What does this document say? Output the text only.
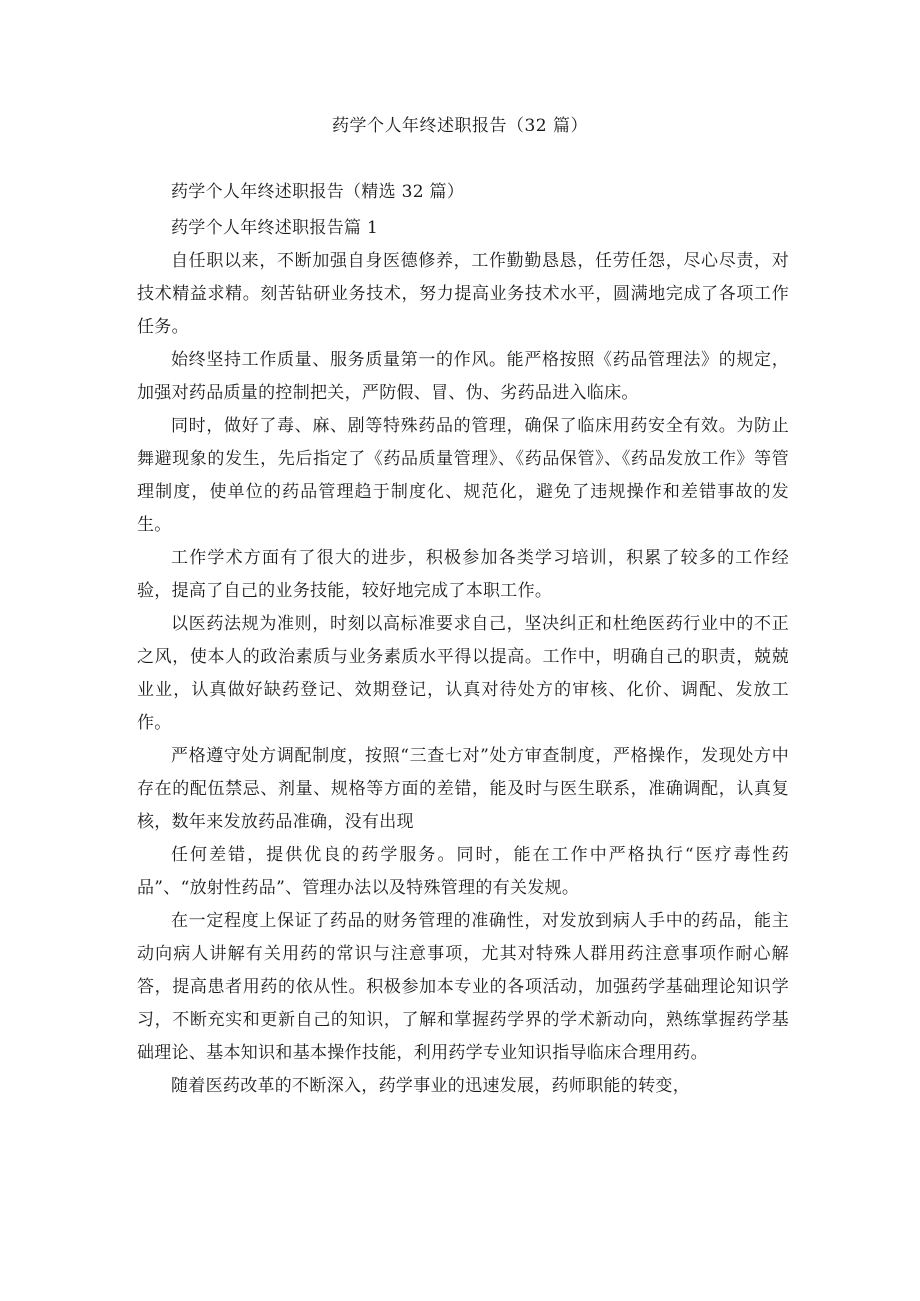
药学个人年终述职报告（32 篇）

药学个人年终述职报告（精选 32 篇）

药学个人年终述职报告篇 1

自任职以来，不断加强自身医德修养，工作勤勤恳恳，任劳任怨，尽心尽责，对技术精益求精。刻苦钻研业务技术，努力提高业务技术水平，圆满地完成了各项工作任务。

始终坚持工作质量、服务质量第一的作风。能严格按照《药品管理法》的规定，加强对药品质量的控制把关，严防假、冒、伪、劣药品进入临床。

同时，做好了毒、麻、剧等特殊药品的管理，确保了临床用药安全有效。为防止舞避现象的发生，先后指定了《药品质量管理》、《药品保管》、《药品发放工作》等管理制度，使单位的药品管理趋于制度化、规范化，避免了违规操作和差错事故的发生。

工作学术方面有了很大的进步，积极参加各类学习培训，积累了较多的工作经验，提高了自己的业务技能，较好地完成了本职工作。

以医药法规为准则，时刻以高标准要求自己，坚决纠正和杜绝医药行业中的不正之风，使本人的政治素质与业务素质水平得以提高。工作中，明确自己的职责，兢兢业业，认真做好缺药登记、效期登记，认真对待处方的审核、化价、调配、发放工作。

严格遵守处方调配制度，按照“三查七对”处方审查制度，严格操作，发现处方中存在的配伍禁忌、剂量、规格等方面的差错，能及时与医生联系，准确调配，认真复核，数年来发放药品准确，没有出现

任何差错，提供优良的药学服务。同时，能在工作中严格执行“医疗毒性药品”、“放射性药品”、管理办法以及特殊管理的有关发规。

在一定程度上保证了药品的财务管理的准确性，对发放到病人手中的药品，能主动向病人讲解有关用药的常识与注意事项，尤其对特殊人群用药注意事项作耐心解答，提高患者用药的依从性。积极参加本专业的各项活动，加强药学基础理论知识学习，不断充实和更新自己的知识，了解和掌握药学界的学术新动向，熟练掌握药学基础理论、基本知识和基本操作技能，利用药学专业知识指导临床合理用药。

随着医药改革的不断深入，药学事业的迅速发展，药师职能的转变，
